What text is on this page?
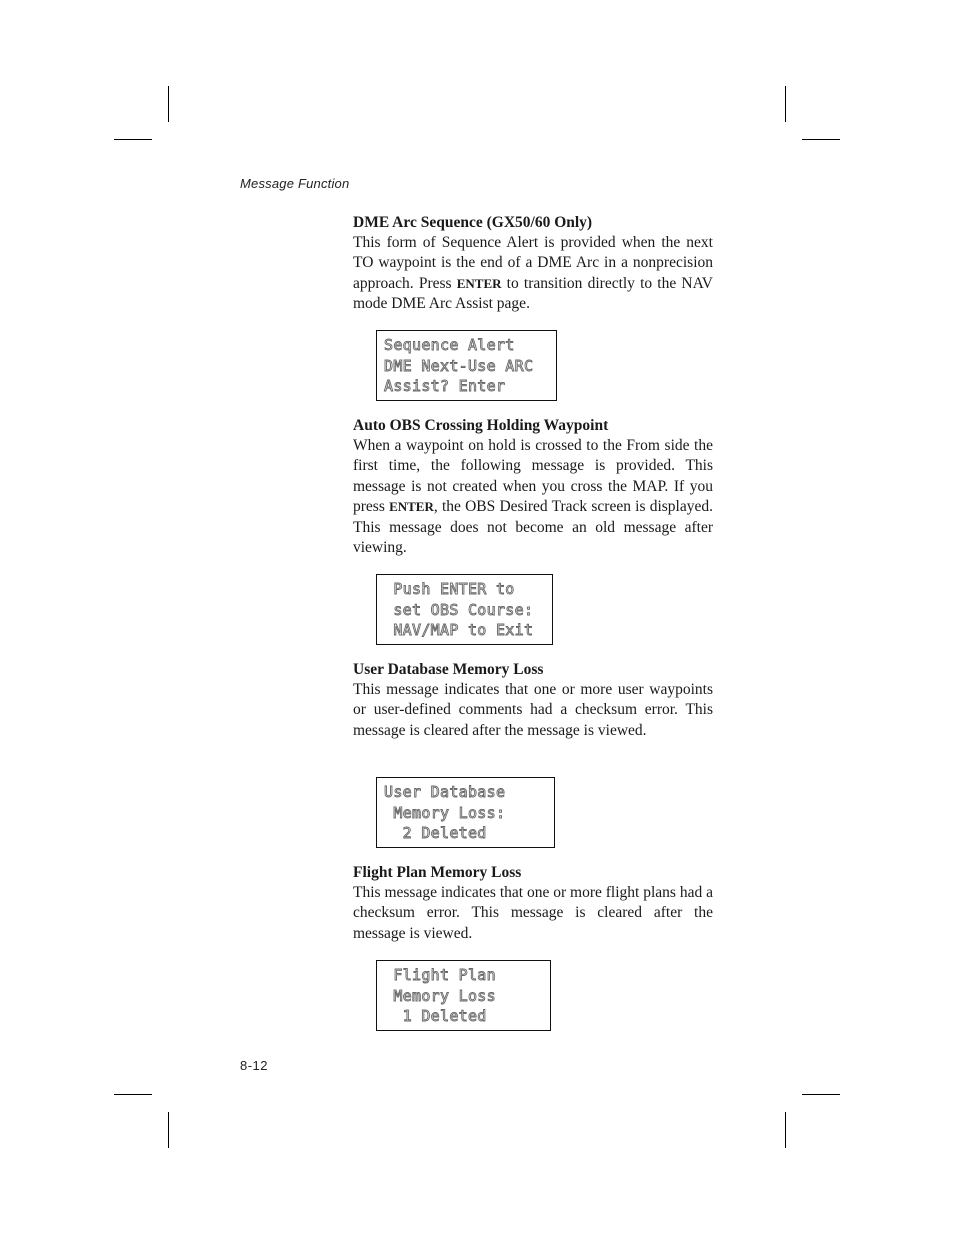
Message Function
DME Arc Sequence (GX50/60 Only)

This form of Sequence Alert is provided when the next TO waypoint is the end of a DME Arc in a nonprecision approach. Press ENTER to transition directly to the NAV mode DME Arc Assist page.

Sequence Alert
DME Next-Use ARC
Assist? Enter
Auto OBS Crossing Holding Waypoint

When a waypoint on hold is crossed to the From side the first time, the following message is provided. This message is not created when you cross the MAP. If you press ENTER, the OBS Desired Track screen is displayed. This message does not become an old message after viewing.

Push ENTER to
set OBS Course:
NAV/MAP to Exit
User Database Memory Loss

This message indicates that one or more user waypoints or user-defined comments had a checksum error. This message is cleared after the message is viewed.

User Database
Memory Loss:
2 Deleted
Flight Plan Memory Loss

This message indicates that one or more flight plans had a checksum error. This message is cleared after the message is viewed.

Flight Plan
Memory Loss
1 Deleted
8-12
